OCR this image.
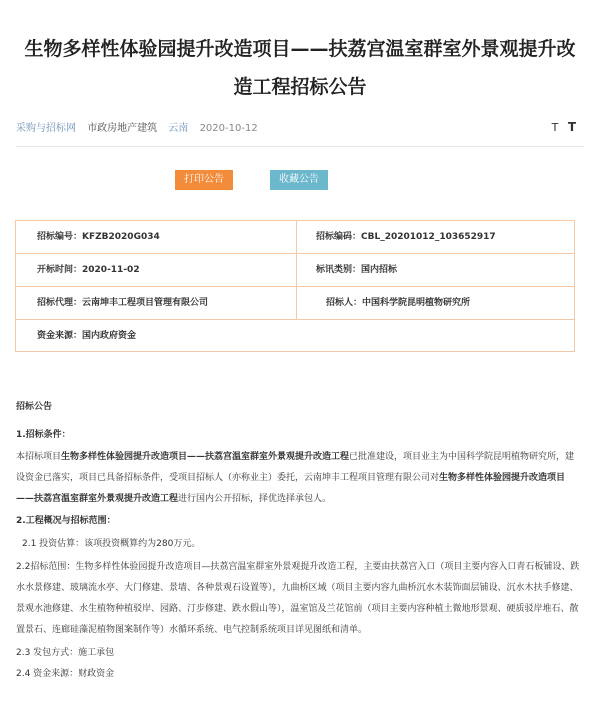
生物多样性体验园提升改造项目——扶荔宫温室群室外景观提升改
造工程招标公告
采购与招标网 市政房地产建筑 云南 2020-10-12	T T
打印公告	收藏公告
招标编号：KFZB2020G034	招标编码：CBL_20201012_103652917
开标时间：2020-11-02	标讯类别：国内招标
招标代理：云南坤丰工程项目管理有限公司	招标人：中国科学院昆明植物研究所
资金来源：国内政府资金

招标公告

1.招标条件：

本招标项目生物多样性体验园提升改造项目——扶荔宫温室群室外景观提升改造工程已批准建设，项目业主为中国科学院昆明植物研究所，建设资金已落实，项目已具备招标条件，受项目招标人（亦称业主）委托，云南坤丰工程项目管理有限公司对生物多样性体验园提升改造项目——扶荔宫温室群室外景观提升改造工程进行国内公开招标，择优选择承包人。

2.工程概况与招标范围：

2.1 投资估算：该项投资概算约为280万元。

2.2招标范围：生物多样性体验园提升改造项目—扶荔宫温室群室外景观提升改造工程，主要由扶荔宫入口（项目主要内容入口青石板铺设、跌水水景修建、玻璃流水亭、大门修建、景墙、各种景观石设置等），九曲桥区域（项目主要内容九曲桥沉水木装饰面层铺设、沉水木扶手修建、景观水池修建、水生植物种植驳岸、园路、汀步修建、跌水假山等），温室馆及兰花馆前（项目主要内容种植土微地形景观、硬质驳岸堆石、散置景石、连廊硅藻泥植物图案制作等）水循环系统、电气控制系统项目详见图纸和清单。

2.3 发包方式：施工承包

2.4 资金来源：财政资金
